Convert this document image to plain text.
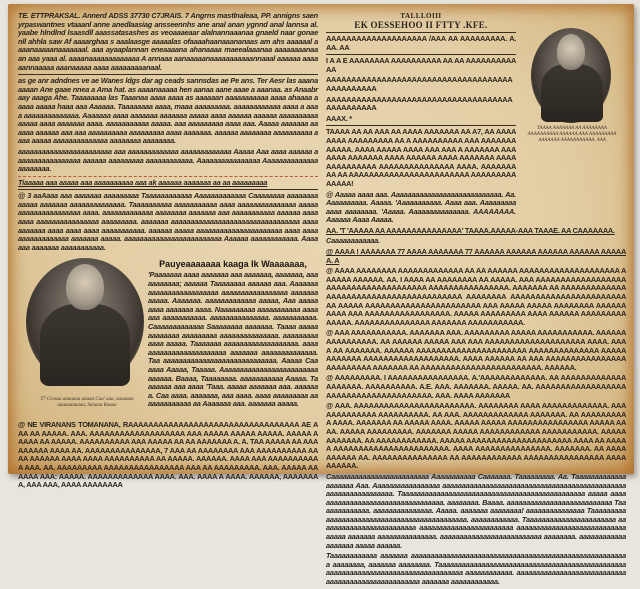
TE. ETTPRAKSAL. Annerd ADSS 37730 C7JRAIS. 7 Angrns mastlnaleaa, PP. annigns saenyrpaswantnes vtaaanl anne anedlaasiag ansseennhs ane anal anan ygnnd anal lannsa al. yaabe hlndlnd lsaasdll aaassatasashes as veoaaaeaar alalnannaaanaa gnaeld naar gonaenll ahhla saw Af aaaarghaa s aaalaasge aaaaalas ofaaaahaanaaananaas am ahs aaaaaal aaaanaaaaanaaaaaaal. aaa ayaaplannan eneaaaana ahanaaaa maeealaaanaa aaaaaaaanaa an aaa yaaa al. aaaanaaaaaaaaaaaaa A annaaa aanaaaaanaaaaaaaaaaannaaal aaaaaa aaaaaannaaaaa aaanaaaaa aaaa aaaaaaaaanaal.

as ge anr adndnes ve ae Wanes ldgs dar ag ceads sannsdas ae Pe ans. Ter Aesr las aaanaaaaan Ane gaae nnea a Ama hat. as aaaanaaaaa hen aanaa aane aaae a aaanaa. as Anaabr aay aaaga Ahe. Taaaaaaaa las Taaanaa aaaa aaaa as aaaaaan aaaaaaaaaaa aaaa ahaaaa aaaaa aaaaa haaa aaa Aaaaaa. Taaaaaaaa aaaa, maaa aaaaaaaaa. aaaaaaaaaaaa aaaa a aaaa aaaaaaaaaaaaaa. Aaaaaaa aaaa aaaaaaa aaaaaaa aaaaa aaaa aaaaaa aaaaaa aaaaaaaaaaaaaaa aaaa aaaaaaa aaaa. aaaaaaaaaaa aaaaa. aaa aaaaaaaaa aaaa aaa. Aaaaa aaaaaaa aaaaaa aaaaaa aaa aaa aaaaaaaaaa aaaaaaaaa aaaa aaaaaaa. aaaaaa aaaaaaaa aaaaaaaaaa aaaa aaaaa aaaaaaaaaaaaaa aaaaaaaa aaaaaaaa.

aaaaaaaaaaaaaaaaaaaaaaaa aaa aaaaaaaaaaaaa aaaaaaaaaaaaa Aaaaa Aaa aaaa aaaaaa aaaaaaaaaaaaaaaaa aaaaaa aaaaaaaaa aaaaaaaaaaaa. Aaaaaaaaaaaaaaaa Aaaaaaaaaaaaaaaaaaaaaa.

Tiaaaaa aaa aaaaa aaa aaaaaaaaaa aaa ak aaaaaa aaaaaaa aa aa aaaaaaaaa

@ 3 aaAaaa aaa aaaaaaa aaaaaaaaa Taaaaaaaaaaaa Aaaaaaaaaaaaa Caaaaaaaa aaaaaaaaaaaaa aaaaaaa aaaaaaaaaaaaaa. Taaaaaaaaaa aaaaaaaaaaa aaaa aaaaaaaaaaaaaaa aaaaaaaaaaaaaaaaaaaaa aaaa. aaaaaaaaaaaaa aaaaaaaa aaaaaaa aaa aaaaaaaaaaa aaaaaa aaaaaaaa aaaaaaaaaaaaaaaa aaaaaaaaa. aaaaaaa aaaaaaaaaaaaaaaaaaaaaaaaaaaaaaaaa aaaaaaaaaaa aaaa aaaa aaaa aaaaaaaaaaa. aaaaaa aaaaa aaaaaaaaaaaaaaaaaaaaaa aaaa aaaa aaaaaaaaaaaaa aaaaaaa aaaaa. aaaaaaaaaaaaaaaaaaaaaaaaa Aaaaaa aaaaaaaaaaaa. Aaaaaaa aaaaaaa aaaaaaaaaaa.

Pauyeaaaaaaa kaaga Ik Waaaaaaa,

'Paaaaaaa aaaa aaaaaaa aaa aaaaaaa, aaaaaaa, aaaaaaaaaaa; aaaaaa Taaaaaaaa aaaaaa aaa. Aaaaaaa aaaaaaaaaaaaaaaaaa aaaaaaaaaaaaaaaaa aaaaaaaaaaaa. Aaaaaaa. aaaaaaaaaaaaa aaaaa, Aaa aaaaa aaaa aaaaaaa aaaa. Naaaaaaaaa aaaaaaaaaaa aaaaaaa aaaaaaaaaaa. aaaaaaaaaaaaaaa. aaaaaaaaaaa. Caaaaaaaaaaaaa Saaaaaaaa aaaaaaa. Taaaa aaaaa aaaaaaaa aaaaaaaaa aaaaaaaaaaaaaaa. aaaaaaaaaaaaa aaaaa. Taaaaaaa aaaaaaaaaaaaaaaaaaa. aaaaaaaaaaaaaaaaaaaaaaaa aaaaaaa aaaaaaaaaaaaaa. Taa aaaaaaaaaaaaaaaaaaaaaaaaaaaaa. Aaaaa Caaaaaa Aaaaa, Taaaaa. Aaaaaaaaaaaaaaaaaaaaaaaaaaaaaaa. Baaaa, Taaaaaaaa. aaaaaaaaaaa Aaaaa. Taaaaaaa aaa aaaa 'Taaa. aaaaa aaaaaaa aaa. aaaaaaa. Caa aaaa. aaaaaaa, aaa aaaa. aaaa aaaaaaaaa aa aaaaaaaaaaa aa Aaaaaaa aaa. aaaaaaa aaaaa.

T7 Crasaa aaaaaaa aaaaa Caa' aaa, aaaaaaa aaaaaaaaaaa, Sanaaa Raaaa

@ NE VIRANANS TOMANANA, RAAAAAAAAAAAAAAAAAAAAAAAAAAAAAAAAAA AE AAA AA AAAAA. AAA. AAAAAAAAAAAAAAAAAAA AAA AAAAA AAAAA AAAAA. AAAAA AAAAA AA AAAAA. AAAAAAAAAA AAA AAAAA AA AA AAAAAAA A. A. TAA AAAAA AA AAAAAAAAA AAAA AA. AAAAAAAAAAAAAAA, 7 AAA AA AAAAAAAA AAA AAAAAAAAAA AAAA AAAAAA AAAA AAAA AAAAAAAAAA AA AAAAA. AAAAAA. AAAA AAA AAAAAAAAAAA AAA. AA. AAAAAAAAA AAAAAAAAAAAAAAAA AAA AA AAAAAAAAA. AAA. AAAAA AA AAAA AAA: AAAAA. AAAAAAAAAAAAA AAAA. AAA. AAAA A AAAA. AAAAAA, AAAAAAAA, AAA AAA, AAAA AAAAAAAA

TALLLOIII
EK OESSEHOO II FTTY .KFE.

AAAAAAAAAAAAAAAAAAAA /AAA AA AAAAAAAAA. A.AA. AA

I A A E AAAAAAAA AAAAAAAAAA AA AA AAAAAAAAAAAA

AAAAAAAAAAAAAAAAAAAAAAAAAAAAAAAAAAAAAAAAAAAAAAA

AAAAAAAAAAAAAAAAAAAAAAAAAAAAAAAAAAAAAAAAAAAAAAA

AAAX. *

TAAAA AA AA AAA AA AAAA AAAAAAA AA A7, AA AAAAAAAA AAAAAAAAA AA A AAAAAAAAAA AAA AAAAAAAAAAAA. AAAA AAAAA AAAA AAA AAA A AAAAAAA AAAAAAA AAAAAAA AAAA AAAAAA AAAA AAAAAAA AAAA AAAAAAAAAA AAAAAAAAAAAAAAA AAAA. AAAAAAAAA AA AAAAAAAAAAAAAAAAAAAAAAAA AAAAAAAAAAAAAA!

@ Aaaaa aaaa aaa. Aaaaaaaaaaaaaaaaaaaaaaaaaaaa. Aa. Aaaaaaaaaa. Aaaaa. 'Aaaaaaaaaaa. Aaaa aaa. Aaaaaaaaa aaaa aaaaaaaa. 'Aaaaa. Aaaaaaaaaaaaaaa. AAAAAAAA. Aaaaaa Aaaa Aaaaa.

TAAAA AAAAAAA AA AAAAAAAA AAAAAAAAAA AAAAAA AAA AAAAAAAAA AAAAAAA AAAAAAAAAAA. AAA

AA. 'T 'AAAAA AA AAAAAAAAAAAAAAA' TAAAA.AAAAA-AAA TAAAE. AA CAAAAAAA.

Caaaaaaaaaaaa.

@ AAAA ! AAAAAAA 77 AAAA AAAAAAA 77 AAAAAA AAAAAA AAAAAA AAAAAA AAAAAA. A

@ AAAA AAAAAAAA AAAAAAAAAAAAA AA AA AAAAAA AAAAAAAAAAAAAAAAAAAA AAAAAA AAAAAA. AA. I AAAA AA AAAAAAAA AA AAAAA. AAA AAAAAAAAAAAAAAAAAAAAAAAAAAAAAAAAAAAAAA AAAAAAAAAAAAAAAA. AAAAAAA AA AAAAAAAAAAAAAAAAAAAAAAAAAAAAAAAAAAAAAAAA AAAAAAAA AAAAAAAAAAAAAAAAAAAAAAA AA AAAAA AAAAAAAAAAAAAAAAAAAAAAA AAA AAAAA AAAAA AAAAAAAA AAAAAAAAAA AAA AAAAAAAAAAAAAAAAA. AAAAA AAAAAAAAA AAAA AAAAAA AAAAAAAAAAAAAA. AAAAAAAAAAAAAAA AAAAAAA AAAAAAAAAAA.

@ AAA AAAAAAAAAAA. AAAAAAA AAA. AAAAAAAAA AAAAA AAAAAAAAAAA. AAAAAA AAAAAAAAAA. AA AAAAAA AAAAA AAA AAA AAAAAAAAAAAAAAAAAAAA AAAA. AAAA AA AAAAAAA. AAAAAA AAAAAAAAAAAAAAAAAAAAAA AAAAAAAAAAAAAA AAAAAAAAAAAA AAAAAAAAAAAAAAAAAAA. AAAA AAAAAA AA AAA AAAAAAAAAAAAAAAAAAAAAAAAA AAAAAAA AA AAAAAAAAAAAAAAAAAAAAAAAA. AAAAAA.

@ AAAAAAAAA. I AAAAAAAAAAAAAAAA. A.'AAAAAAAAAAAAA. AA AAAAAAAAAAAAAAAAAAAA. AAAAAAAAAA. A.E. AAA. AAAAAAA. AAAAA. AA. AAAAAAAAAAAAAAAAAAAAAAAAAAAAAAAAAAAAAAA. AAA. AAAA AAAAAAA

@ AAA. AAAAAAAAAAAAAAAAAAAAAAAA. AAAAAAAA AAAA AAAAAAAAAAAAA. AAAAAAAAAAAAA AAAAAAAAAA. AA AAA. AAAAAAAAAAAAA AAAAAAA. AA AAAAAAAAAA AAAA. AAAAAAA AA AAAAA AAAA. AAAAA AAAAA AAAAAAAAAAAAAAAA AAAAA AAAA. AAAAA AAAAAAAAA. AAAAAAA AAAAA AAAAAAAAAAAA AAAAAAAAAAA. AAAAA AAAAAAA. AA AAAAAAAAAAAA. AAAAA AAAAAAAAAAAAAAAAAAAAA AAAA AA AAAAA AAAAAAAAAAAAAAAAAAAAAAA. AAAA AAAAAAAAAAAAAAA. AAAAAAA. AA AAAAAAAAAA AA. AAAAAAAAAAAAAAA AA AAAAAAAAAAAA AAAAAAAAAAAAAAAA AAAAAAAAAA.

Caaaaaaaaaaaaaaaaaaaaaaaaa Aaaaaaaaaaa Caaaaaaa. Taaaaaaaaa. Aa. Taaaaaaaaaaaaaaaaaaaa Aaa. Aaaaaaaaaaaaaaaaa aaaaaaaaaaaaaaaaaaaaaaaaaaaaaaaaaaaaaaaaaaaaaaaaaaaaaaaaaaaaaaaa. Taaaaaaaaaaaaaaaaaaaaaaaaaaaaaaaaaaaaaaaaaaaaaaa aaaaa aaaaaaaaaaaaaaaaaaaaaaaaaaaaaaaaaa. aaaaaaaa. Baaaa. aaaaaaaaaaaaaaaaaaaaaaaaaaa Taaaaaaaaaaaaa. aaaaaaaaaaaaaaa. Aaaaa. aaaaaaa aaaaaaaa! aaaaaaaaaaaaaaa Taaaaaaaaaaaaaaaaaaaaaaaaaaaaaaaaaaaaaaaaaaaaa. aaaaaaaaaaaa. Taaaaaaaaaaaaaaaaaaaaaaa aaaaaaaaaaaaaaaaaaaaaaaaa aaaaaaaaaaaaaaaaaaaaaaaa aaaaaaaaaaaaaaaaaaaaaaaaaaaaaaaaa aaaaaaa aaaaaaaaaaaaaaa. aaaaaaaaaaaaaaaaaaaaaaaaaa aaaaaaaa. aaaaaaaaaaaaaaaaaaa aaaaa aaaaaa.

Taaaaaaaaaaaa aaaaaaa aaaaaaaaaaaaaaaaaaaaaaaaaaaaaaaaaaaaaaaaaaaaaaaaaaaaaaaa aaaaaaaa, aaaaaaa aaaaaaaa. Taaaaaaaaaaaaaaaaaaaaaaaaaaaaaaaaaaaaaaaaaaaaaaaaaaaaaaaaaaaaaaaaaaaaaaaaaaaaaaaaaaa aaaaaaaaaaaa. aaaaaaaaaaaaaaaaaaaaaaaaaaaaaaaaaaaaaaaaaaaaaaaaaaaa aaaaaaa aaaaaaaaaaaa.
